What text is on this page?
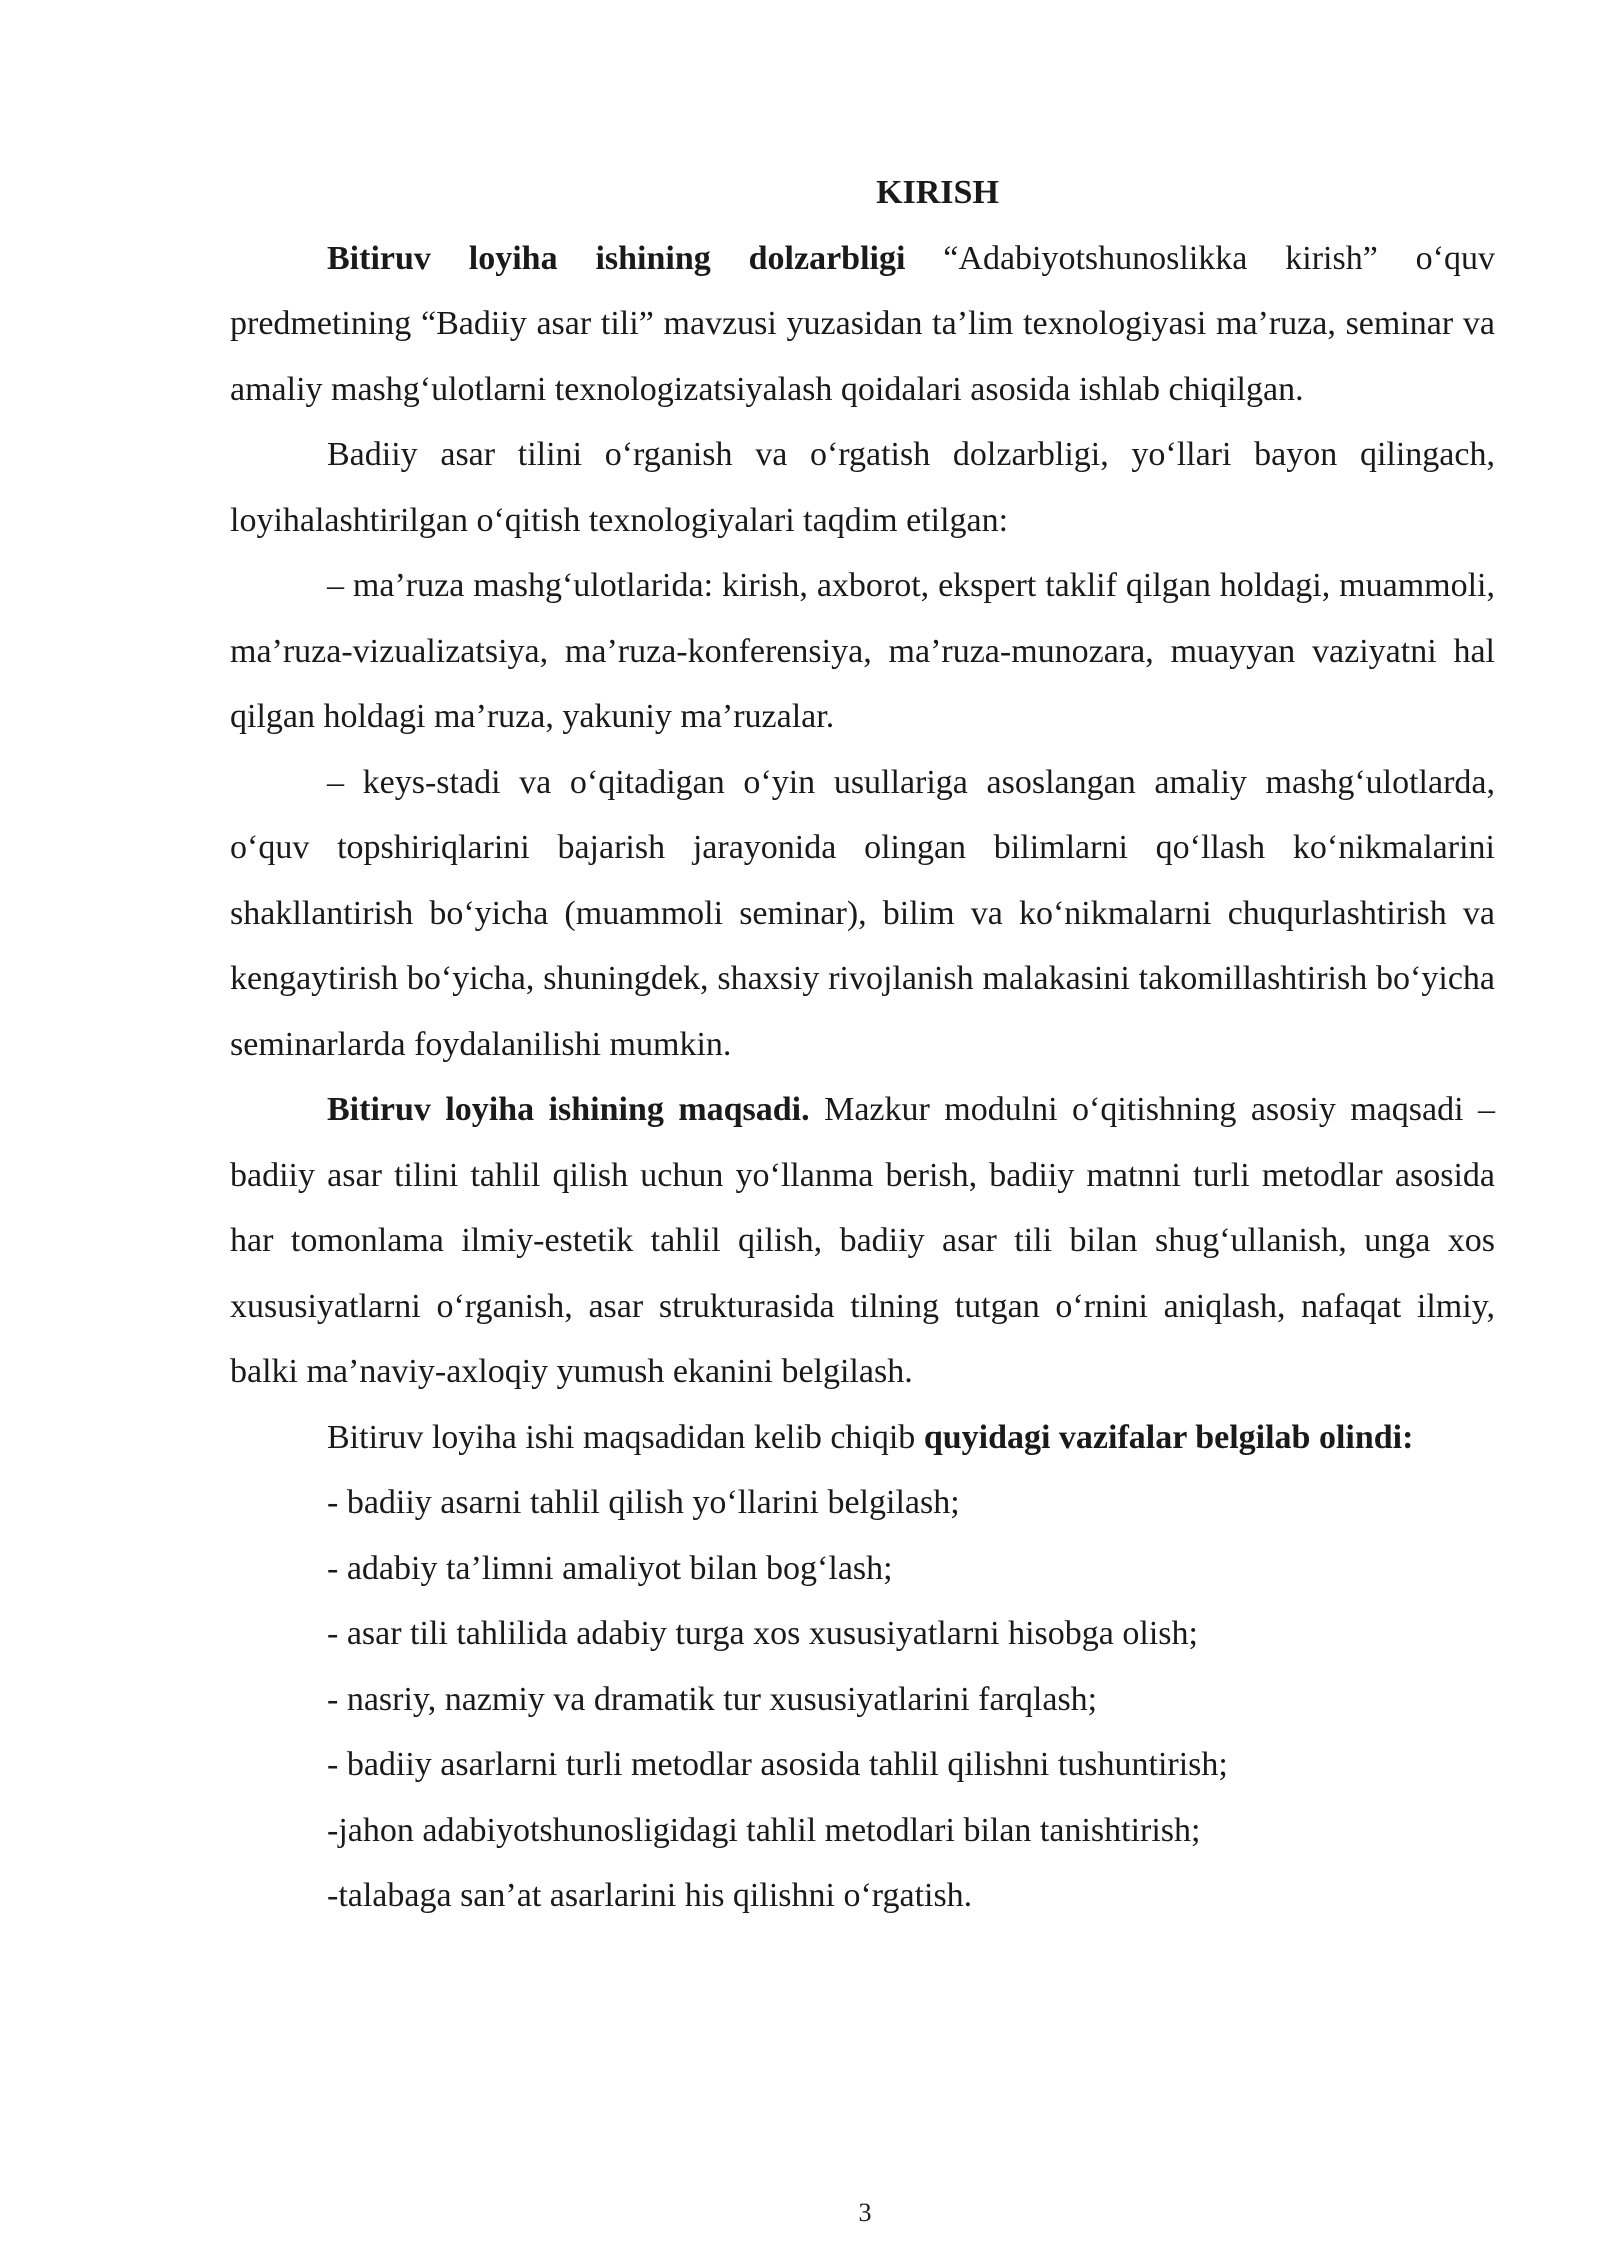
KIRISH

Bitiruv loyiha ishining dolzarbligi “Adabiyotshunoslikka kirish” o‘quv predmetining “Badiiy asar tili” mavzusi yuzasidan ta’lim texnologiyasi ma’ruza, seminar va amaliy mashg‘ulotlarni texnologizatsiyalash qoidalari asosida ishlab chiqilgan.

Badiiy asar tilini o‘rganish va o‘rgatish dolzarbligi, yo‘llari bayon qilingach, loyihalashtirilgan o‘qitish texnologiyalari taqdim etilgan:

– ma’ruza mashg‘ulotlarida: kirish, axborot, ekspert taklif qilgan holdagi, muammoli, ma’ruza-vizualizatsiya, ma’ruza-konferensiya, ma’ruza-munozara, muayyan vaziyatni hal qilgan holdagi ma’ruza, yakuniy ma’ruzalar.

– keys-stadi va o‘qitadigan o‘yin usullariga asoslangan amaliy mashg‘ulotlarda, o‘quv topshiriqlarini bajarish jarayonida olingan bilimlarni qo‘llash ko‘nikmalarini shakllantirish bo‘yicha (muammoli seminar), bilim va ko‘nikmalarni chuqurlashtirish va kengaytirish bo‘yicha, shuningdek, shaxsiy rivojlanish malakasini takomillashtirish bo‘yicha seminarlarda foydalanilishi mumkin.

Bitiruv loyiha ishining maqsadi. Mazkur modulni o‘qitishning asosiy maqsadi – badiiy asar tilini tahlil qilish uchun yo‘llanma berish, badiiy matnni turli metodlar asosida har tomonlama ilmiy-estetik tahlil qilish, badiiy asar tili bilan shug‘ullanish, unga xos xususiyatlarni o‘rganish, asar strukturasida tilning tutgan o‘rnini aniqlash, nafaqat ilmiy, balki ma’naviy-axloqiy yumush ekanini belgilash.

Bitiruv loyiha ishi maqsadidan kelib chiqib quyidagi vazifalar belgilab olindi:

- badiiy asarni tahlil qilish yo‘llarini belgilash;
- adabiy ta’limni amaliyot bilan bog‘lash;
- asar tili tahlilida adabiy turga xos xususiyatlarni hisobga olish;
- nasriy, nazmiy va dramatik tur xususiyatlarini farqlash;
- badiiy asarlarni turli metodlar asosida tahlil qilishni tushuntirish;
-jahon adabiyotshunosligidagi tahlil metodlari bilan tanishtirish;
-talabaga san’at asarlarini his qilishni o‘rgatish.
3
